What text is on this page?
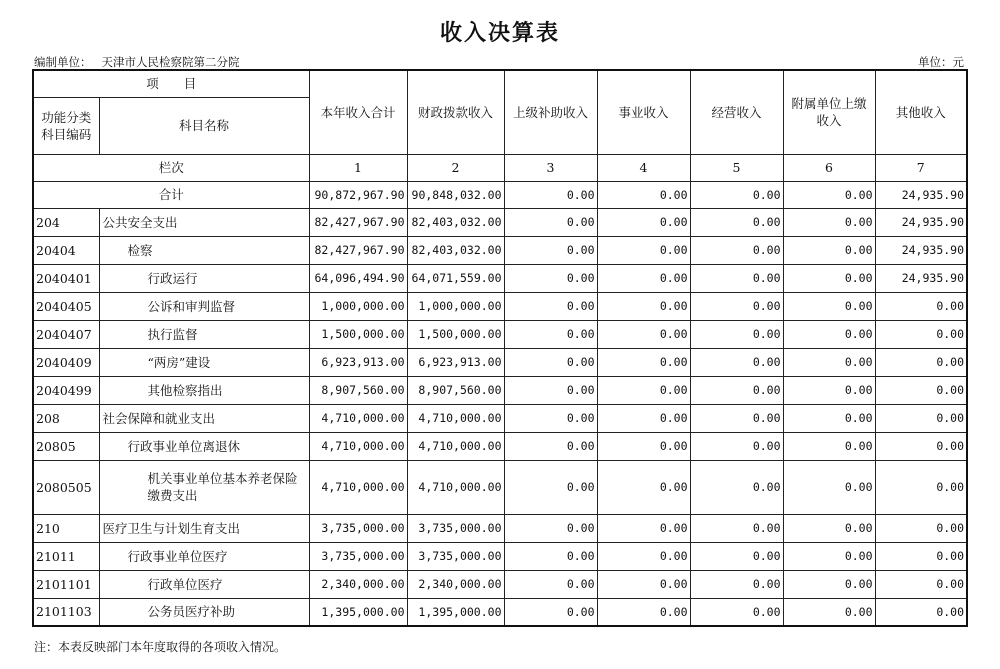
收入决算表
编制单位： 天津市人民检察院第二分院	单位：元
项　　目		本年收入合计	财政拨款收入	上级补助收入	事业收入	经营收入	附属单位上缴收入	其他收入
功能分类科目编码	科目名称							
栏次		1	2	3	4	5	6	7
合计		90,872,967.90	90,848,032.00	0.00	0.00	0.00	0.00	24,935.90
204	公共安全支出	82,427,967.90	82,403,032.00	0.00	0.00	0.00	0.00	24,935.90
20404	检察	82,427,967.90	82,403,032.00	0.00	0.00	0.00	0.00	24,935.90
2040401	行政运行	64,096,494.90	64,071,559.00	0.00	0.00	0.00	0.00	24,935.90
2040405	公诉和审判监督	1,000,000.00	1,000,000.00	0.00	0.00	0.00	0.00	0.00
2040407	执行监督	1,500,000.00	1,500,000.00	0.00	0.00	0.00	0.00	0.00
2040409	“两房”建设	6,923,913.00	6,923,913.00	0.00	0.00	0.00	0.00	0.00
2040499	其他检察指出	8,907,560.00	8,907,560.00	0.00	0.00	0.00	0.00	0.00
208	社会保障和就业支出	4,710,000.00	4,710,000.00	0.00	0.00	0.00	0.00	0.00
20805	行政事业单位离退休	4,710,000.00	4,710,000.00	0.00	0.00	0.00	0.00	0.00
2080505	机关事业单位基本养老保险缴费支出	4,710,000.00	4,710,000.00	0.00	0.00	0.00	0.00	0.00
210	医疗卫生与计划生育支出	3,735,000.00	3,735,000.00	0.00	0.00	0.00	0.00	0.00
21011	行政事业单位医疗	3,735,000.00	3,735,000.00	0.00	0.00	0.00	0.00	0.00
2101101	行政单位医疗	2,340,000.00	2,340,000.00	0.00	0.00	0.00	0.00	0.00
2101103	公务员医疗补助	1,395,000.00	1,395,000.00	0.00	0.00	0.00	0.00	0.00
注：本表反映部门本年度取得的各项收入情况。
